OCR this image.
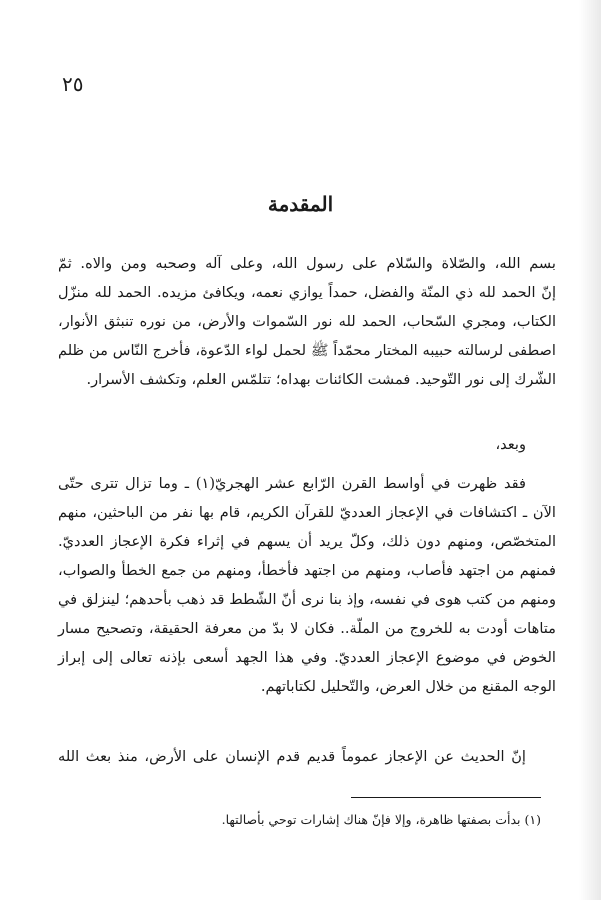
٢٥
المقدمة
بسم الله، والصّلاة والسّلام على رسول الله، وعلى آله وصحبه ومن والاه. ثمّ
إنّ الحمد لله ذي المنّة والفضل، حمداً يوازي نعمه، ويكافئ مزيده. الحمد لله منزّل
الكتاب، ومجري السّحاب، الحمد لله نور السّموات والأرض، من نوره تنبثق الأنوار،
اصطفى لرسالته حبيبه المختار محمّداً ﷺ لحمل لواء الدّعوة، فأخرج النّاس من ظلم
الشّرك إلى نور التّوحيد. فمشت الكائنات بهداه؛ تتلمّس العلم، وتكشف الأسرار.
وبعد،
فقد ظهرت في أواسط القرن الرّابع عشر الهجريّ(١) ـ وما تزال تترى حتّى
الآن ـ اكتشافات في الإعجاز العدديّ للقرآن الكريم، قام بها نفر من الباحثين، منهم
المتخصّص، ومنهم دون ذلك، وكلّ يريد أن يسهم في إثراء فكرة الإعجاز العدديّ.
فمنهم من اجتهد فأصاب، ومنهم من اجتهد فأخطأ، ومنهم من جمع الخطأ والصواب،
ومنهم من كتب هوى في نفسه، وإذ بنا نرى أنّ الشّطط قد ذهب بأحدهم؛ لينزلق في
متاهات أودت به للخروج من الملّة.. فكان لا بدّ من معرفة الحقيقة، وتصحيح مسار
الخوض في موضوع الإعجاز العدديّ. وفي هذا الجهد أسعى بإذنه تعالى إلى إبراز
الوجه المقنع من خلال العرض، والتّحليل لكتاباتهم.
إنّ الحديث عن الإعجاز عموماً قديم قدم الإنسان على الأرض، منذ بعث الله
(١) بدأت بصفتها ظاهرة، وإلا فإنّ هناك إشارات توحي بأصالتها.
